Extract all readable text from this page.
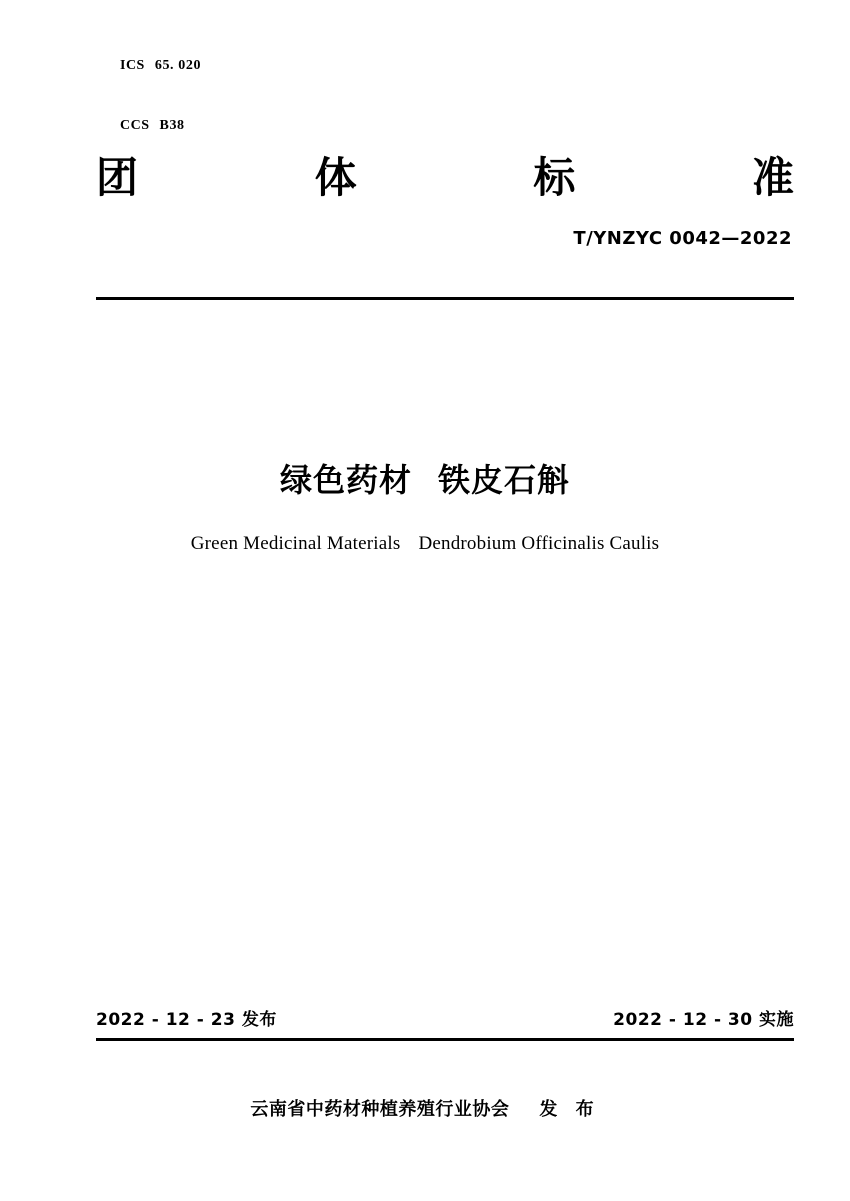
ICS 65. 020

CCS B38

团	体	标	准
T/YNZYC 0042—2022
绿色药材 铁皮石斛
Green Medicinal Materials Dendrobium Officinalis Caulis
2022 - 12 - 23 发布	2022 - 12 - 30 实施
云南省中药材种植养殖行业协会 发 布
